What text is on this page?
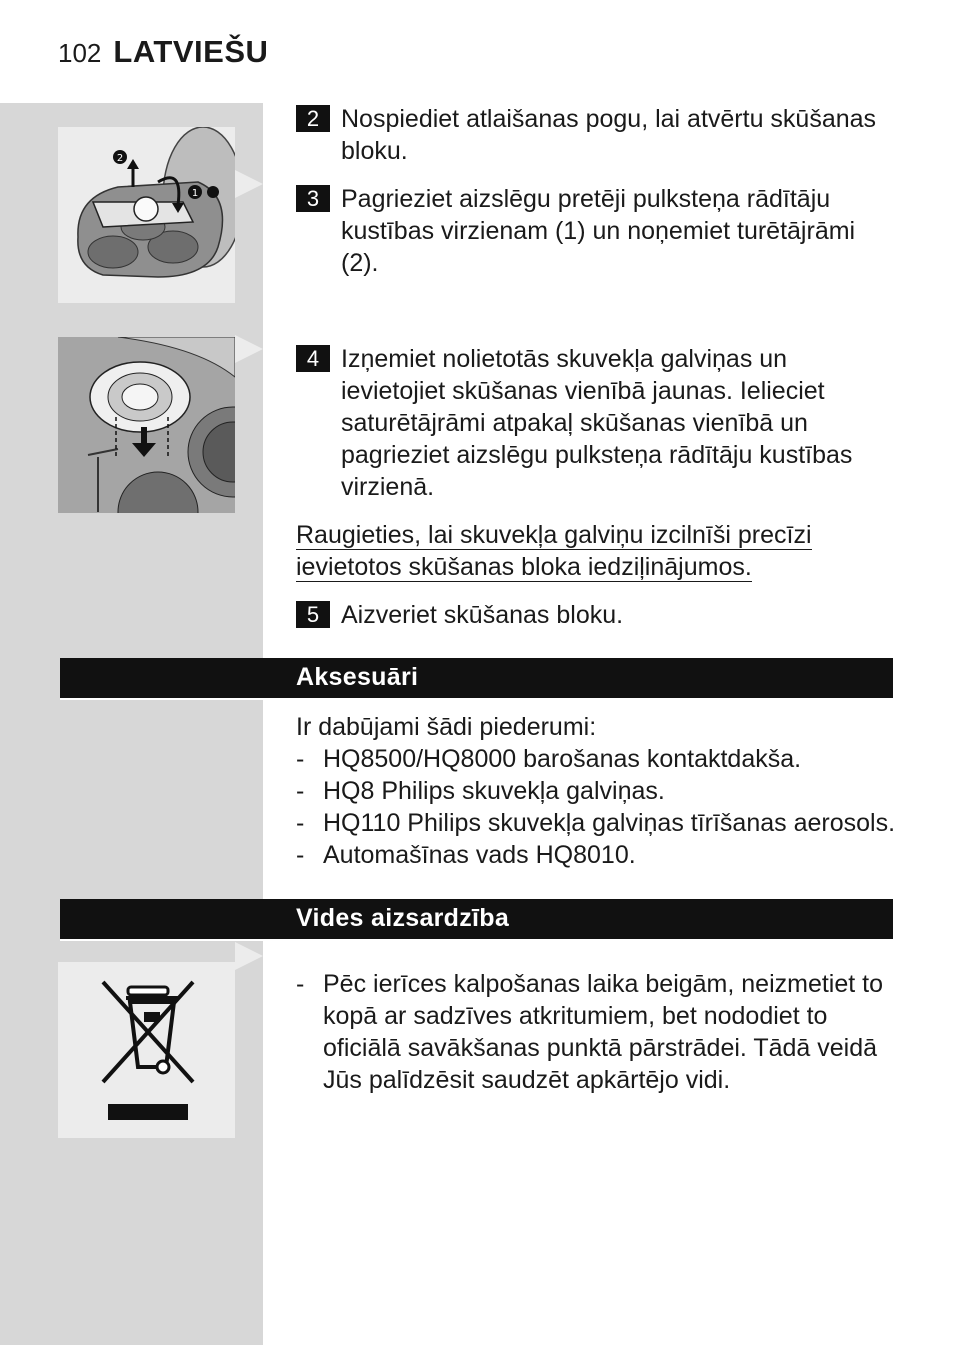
102 LATVIEŠU
2
1
2 Nospiediet atlaišanas pogu, lai atvērtu skūšanas bloku.
3 Pagrieziet aizslēgu pretēji pulksteņa rādītāju kustības virzienam (1) un noņemiet turētājrāmi (2).
4 Izņemiet nolietotās skuvekļa galviņas un ievietojiet skūšanas vienībā jaunas. Ielieciet saturētājrāmi atpakaļ skūšanas vienībā un pagrieziet aizslēgu pulksteņa rādītāju kustības virzienā.
Raugieties, lai skuvekļa galviņu izcilnīši precīzi ievietotos skūšanas bloka iedziļinājumos.
5 Aizveriet skūšanas bloku.
Aksesuāri
Ir dabūjami šādi piederumi:
- HQ8500/HQ8000 barošanas kontaktdakša.
- HQ8 Philips skuvekļa galviņas.
- HQ110 Philips skuvekļa galviņas tīrīšanas aerosols.
- Automašīnas vads HQ8010.
Vides aizsardzība
- Pēc ierīces kalpošanas laika beigām, neizmetiet to kopā ar sadzīves atkritumiem, bet nododiet to oficiālā savākšanas punktā pārstrādei. Tādā veidā Jūs palīdzēsit saudzēt apkārtējo vidi.
